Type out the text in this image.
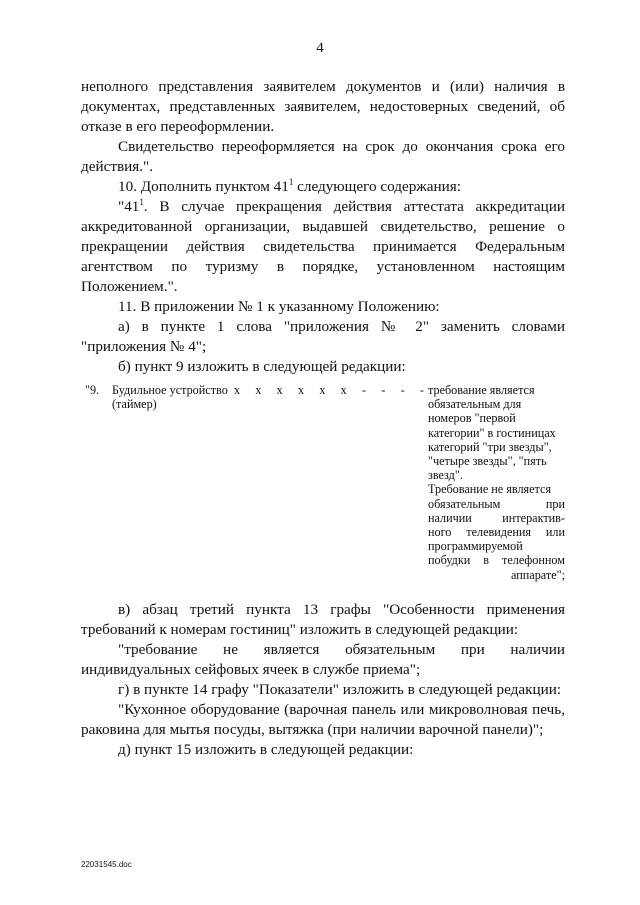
4

неполного представления заявителем документов и (или) наличия в документах, представленных заявителем, недостоверных сведений, об отказе в его переоформлении.

Свидетельство переоформляется на срок до окончания срока его действия.".

10. Дополнить пунктом $41^1$ следующего содержания:

"$41^1$. В случае прекращения действия аттестата аккредитации аккредитованной организации, выдавшей свидетельство, решение о прекращении действия свидетельства принимается Федеральным агентством по туризму в порядке, установленном настоящим Положением.".

11. В приложении № 1 к указанному Положению:

а) в пункте 1 слова "приложения № 2" заменить словами "приложения № 4";

б) пункт 9 изложить в следующей редакции:

"9. Будильное устройство (таймер)
x x x x x x - - - - требование является обязательным для номеров "первой категории" в гостиницах категорий "три звезды", "четыре звезды", "пять звезд".

Требование не является

обязательным при

наличии интерактив-

ного телевидения или

программируемой

побудки в телефонном

аппарате";

в) абзац третий пункта 13 графы "Особенности применения требований к номерам гостиниц" изложить в следующей редакции:

"требование не является обязательным при наличии индивидуальных сейфовых ячеек в службе приема";

г) в пункте 14 графу "Показатели" изложить в следующей редакции:

"Кухонное оборудование (варочная панель или микроволновая печь, раковина для мытья посуды, вытяжка (при наличии варочной панели)";

д) пункт 15 изложить в следующей редакции:

22031545.doc
